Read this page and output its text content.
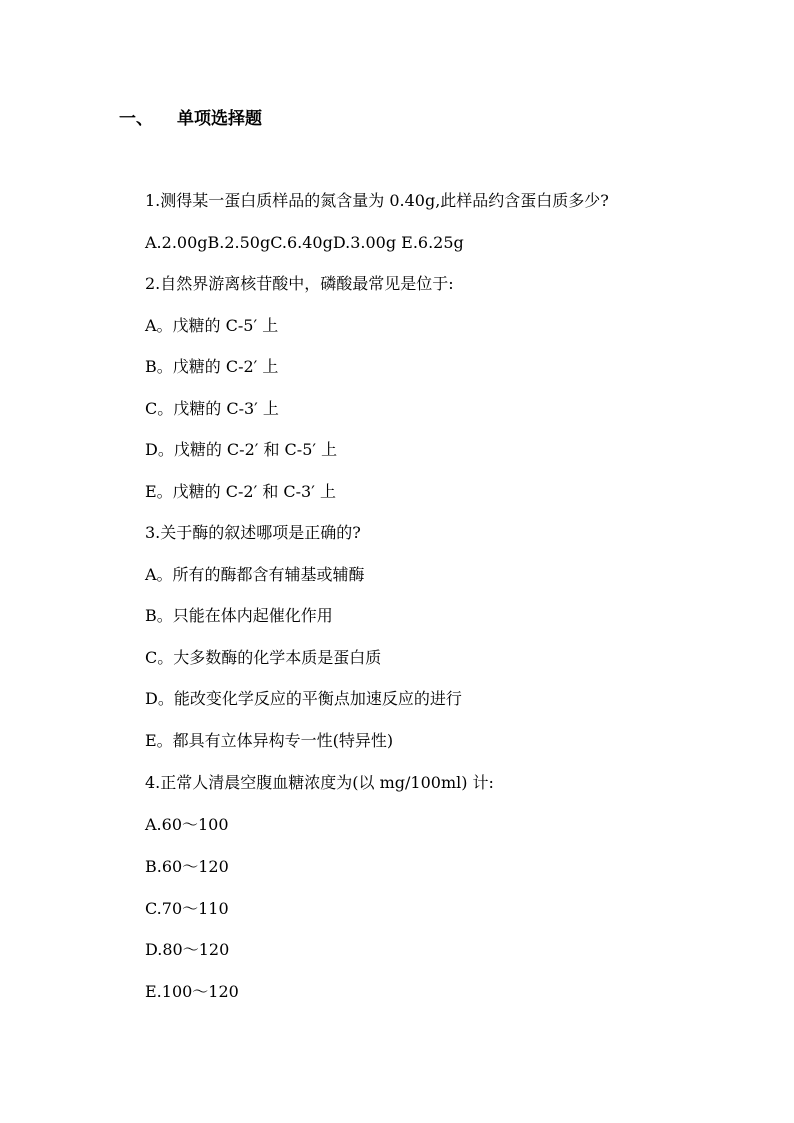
一、 单项选择题
1.测得某一蛋白质样品的氮含量为 0.40g,此样品约含蛋白质多少?
A.2.00gB.2.50gC.6.40gD.3.00g E.6.25g
2.自然界游离核苷酸中，磷酸最常见是位于:
A。戊糖的 C-5′ 上
B。戊糖的 C-2′ 上
C。戊糖的 C-3′ 上
D。戊糖的 C-2′ 和 C-5′ 上
E。戊糖的 C-2′ 和 C-3′ 上
3.关于酶的叙述哪项是正确的?
A。所有的酶都含有辅基或辅酶
B。只能在体内起催化作用
C。大多数酶的化学本质是蛋白质
D。能改变化学反应的平衡点加速反应的进行
E。都具有立体异构专一性(特异性)
4.正常人清晨空腹血糖浓度为(以 mg/100ml) 计:
A.60～100
B.60～120
C.70～110
D.80～120
E.100～120
